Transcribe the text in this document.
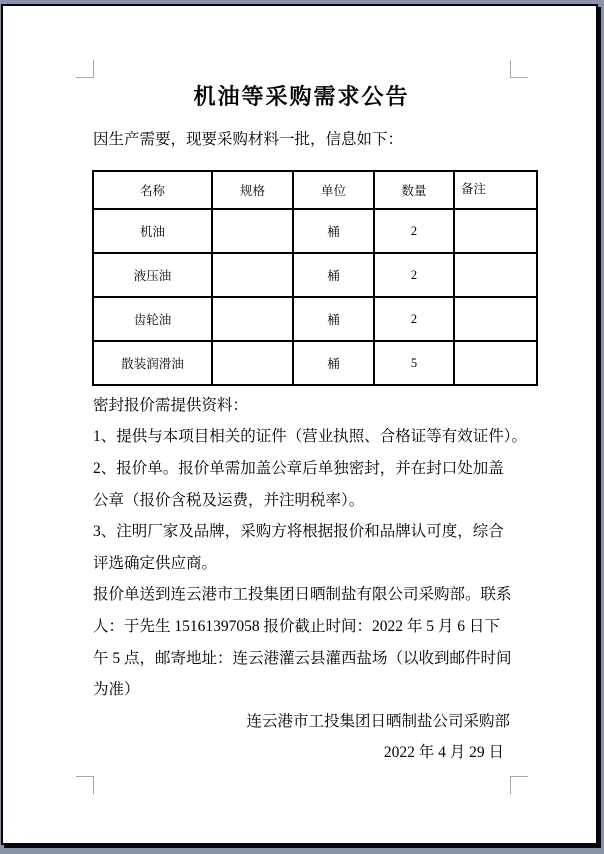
机油等采购需求公告
因生产需要，现要采购材料一批，信息如下：
名称	规格	单位	数量	备注
机油		桶	2	
液压油		桶	2	
齿轮油		桶	2	
散装润滑油		桶	5	
密封报价需提供资料：
1、提供与本项目相关的证件（营业执照、合格证等有效证件）。
2、报价单。报价单需加盖公章后单独密封，并在封口处加盖
公章（报价含税及运费，并注明税率）。
3、注明厂家及品牌，采购方将根据报价和品牌认可度，综合
评选确定供应商。
报价单送到连云港市工投集团日晒制盐有限公司采购部。联系
人：于先生 15161397058 报价截止时间：2022 年 5 月 6 日下
午 5 点，邮寄地址：连云港灌云县灌西盐场（以收到邮件时间
为准）
连云港市工投集团日晒制盐公司采购部
2022 年 4 月 29 日
